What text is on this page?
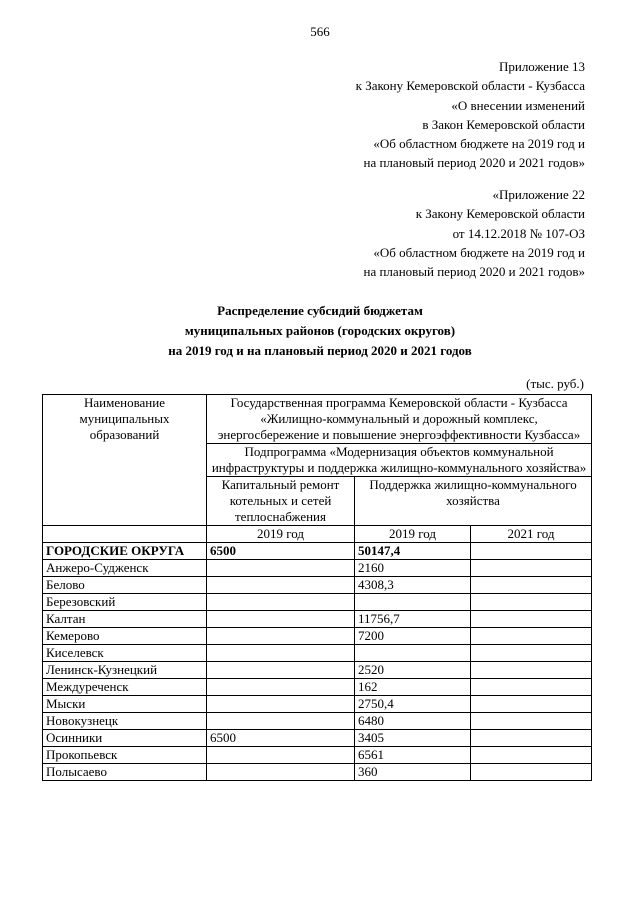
566
Приложение 13
к Закону Кемеровской области - Кузбасса
«О внесении изменений
в Закон Кемеровской области
«Об областном бюджете на 2019 год и
на плановый период 2020 и 2021 годов»
«Приложение 22
к Закону Кемеровской области
от 14.12.2018 № 107-ОЗ
«Об областном бюджете на 2019 год и
на плановый период 2020 и 2021 годов»
Распределение субсидий бюджетам
муниципальных районов (городских округов)
на 2019 год и на плановый период 2020 и 2021 годов
(тыс. руб.)
Наименование муниципальных образований	Государственная программа Кемеровской области - Кузбасса «Жилищно-коммунальный и дорожный комплекс, энергосбережение и повышение энергоэффективности Кузбасса»		
	Подпрограмма «Модернизация объектов коммунальной инфраструктуры и поддержка жилищно-коммунального хозяйства»		
	Капитальный ремонт котельных и сетей теплоснабжения	Поддержка жилищно-коммунального хозяйства	
	2019 год	2019 год	2021 год
ГОРОДСКИЕ ОКРУГА	6500	50147,4	
Анжеро-Судженск		2160	
Белово		4308,3	
Березовский			
Калтан		11756,7	
Кемерово		7200	
Киселевск			
Ленинск-Кузнецкий		2520	
Междуреченск		162	
Мыски		2750,4	
Новокузнецк		6480	
Осинники	6500	3405	
Прокопьевск		6561	
Полысаево		360	
